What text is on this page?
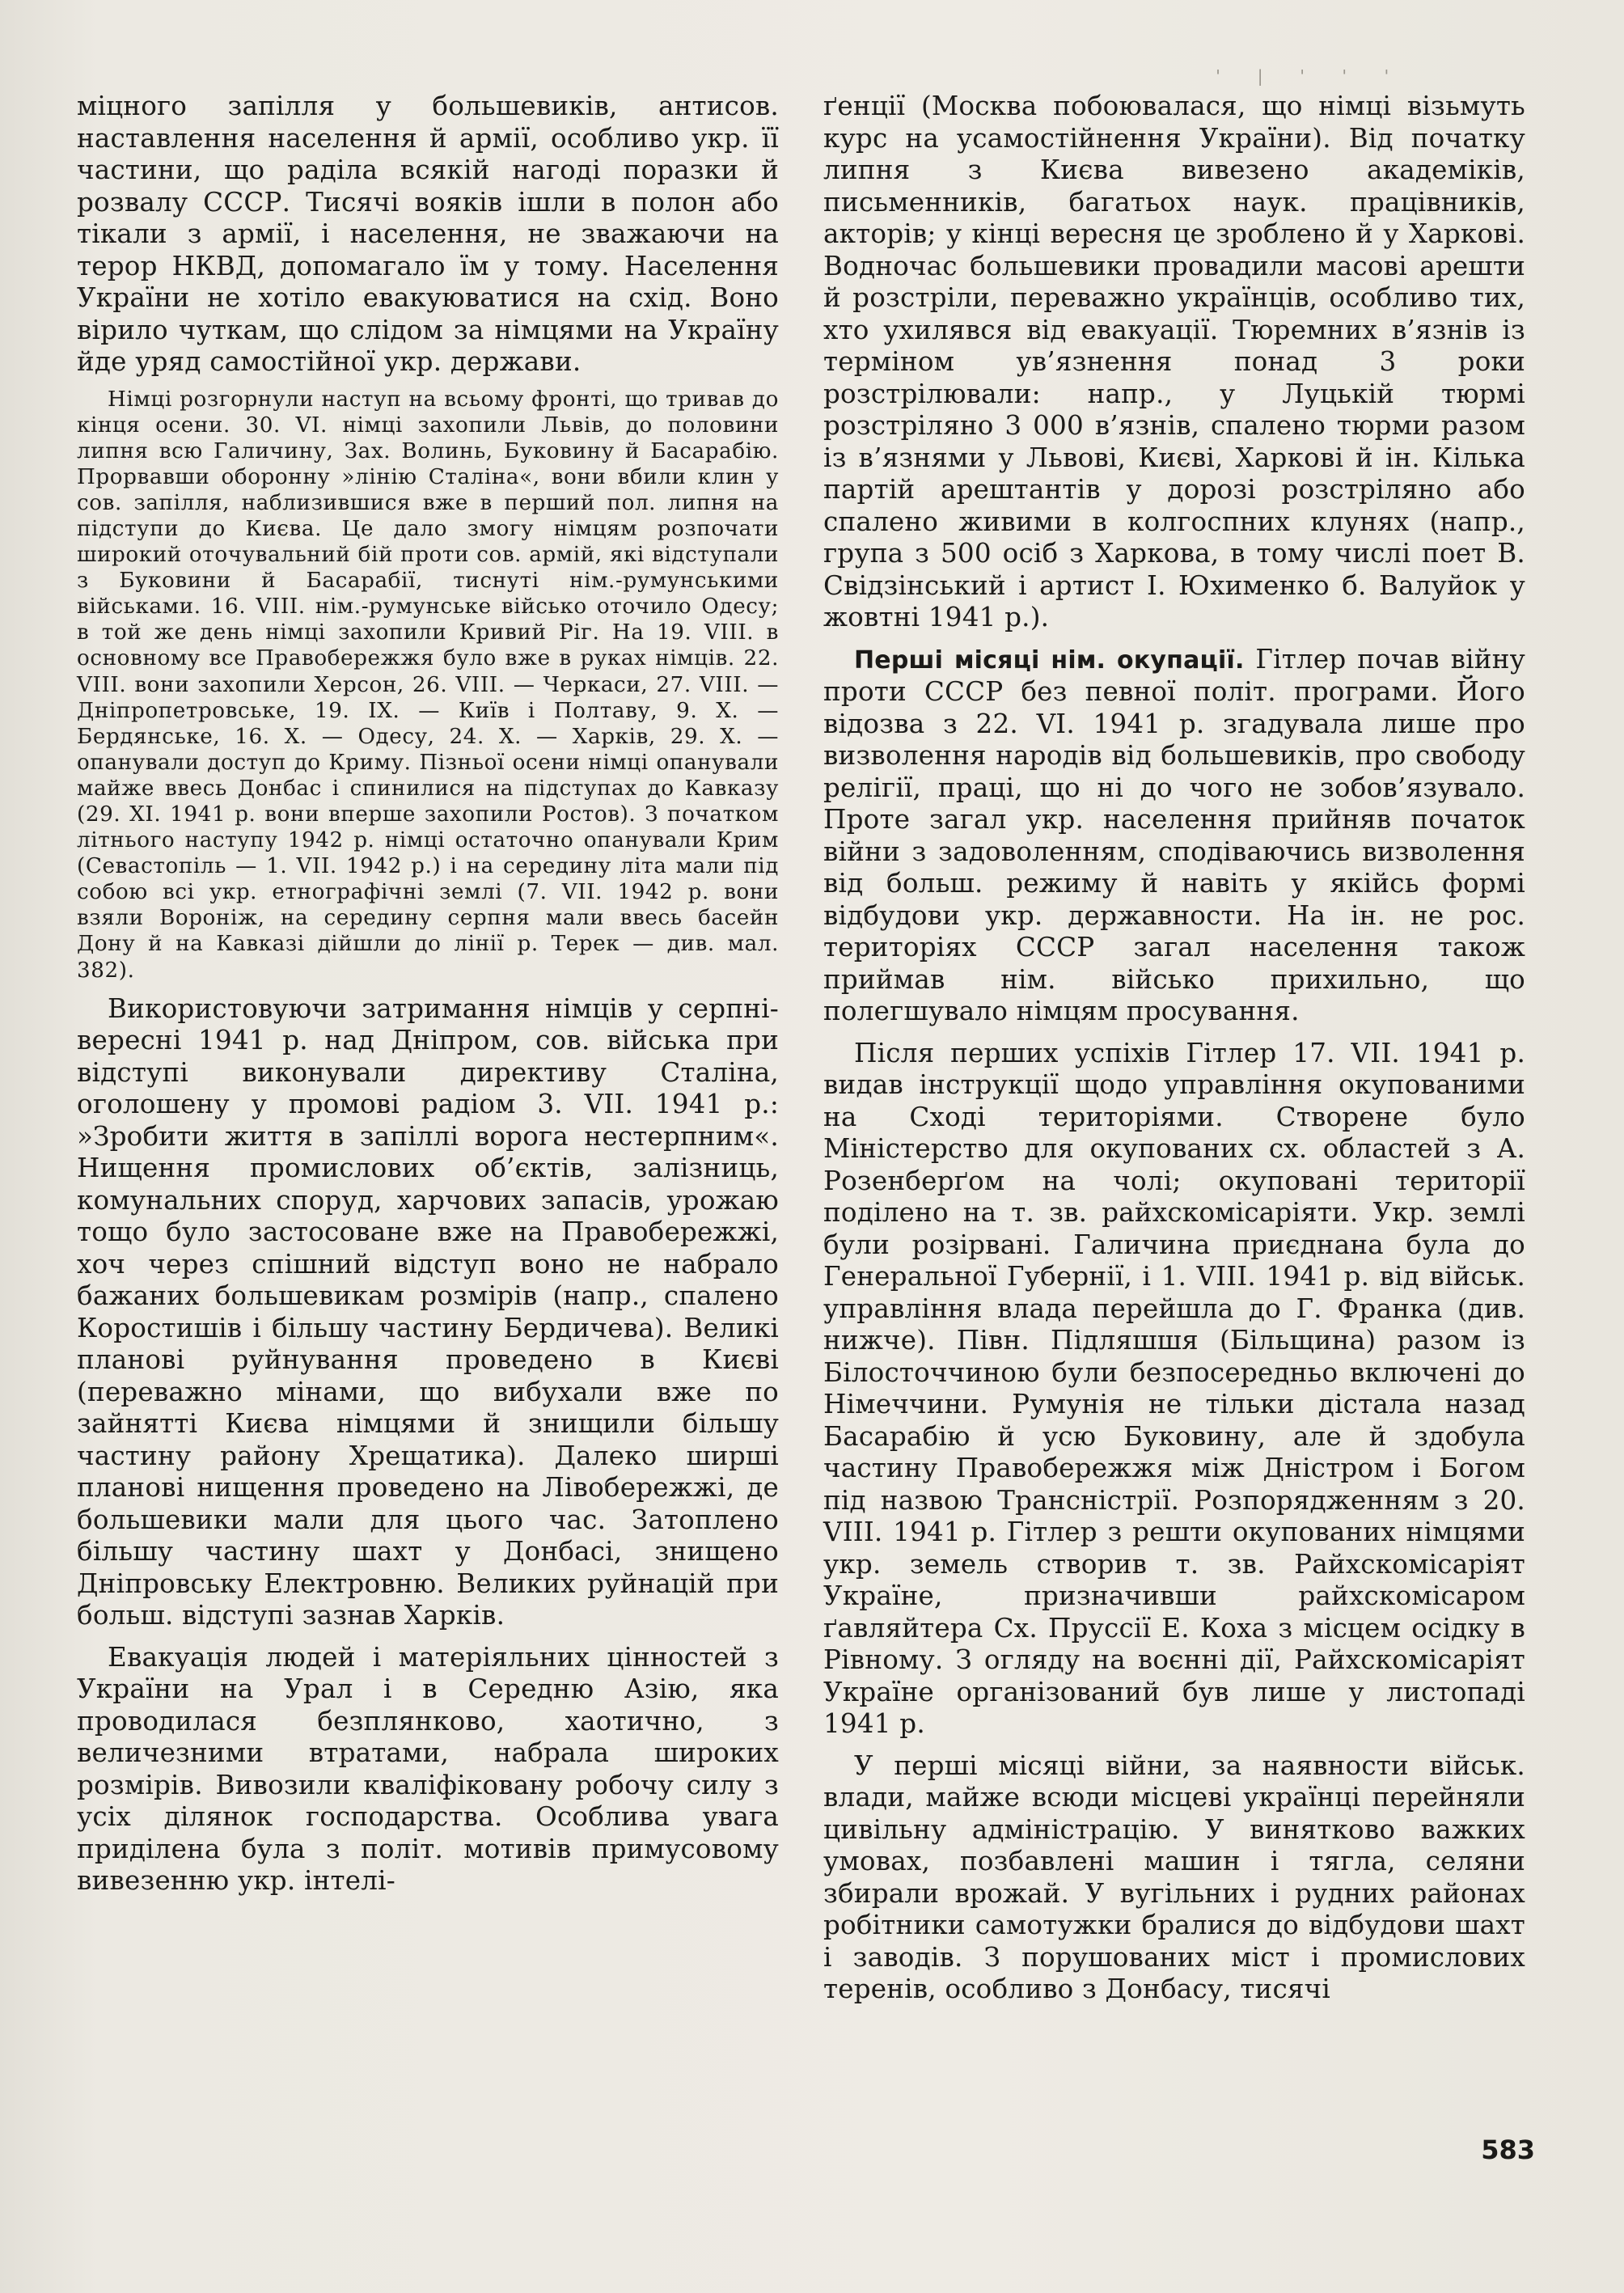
' | ' ' '

міцного запілля у большевиків, антисов. наставлення населення й армії, особливо укр. її частини, що раділа всякій нагоді поразки й розвалу СССР. Тисячі вояків ішли в полон або тікали з армії, і населення, не зважаючи на терор НКВД, допомагало їм у тому. Населення України не хотіло евакуюватися на схід. Воно вірило чуткам, що слідом за німцями на Україну йде уряд самостійної укр. держави.

Німці розгорнули наступ на всьому фронті, що тривав до кінця осени. 30. VI. німці захопили Львів, до половини липня всю Галичину, Зах. Волинь, Буковину й Басарабію. Прорвавши оборонну »лінію Сталіна«, вони вбили клин у сов. запілля, наблизившися вже в перший пол. липня на підступи до Києва. Це дало змогу німцям розпочати широкий оточувальний бій проти сов. армій, які відступали з Буковини й Басарабії, тиснуті нім.-румунськими військами. 16. VIII. нім.-румунське військо оточило Одесу; в той же день німці захопили Кривий Ріг. На 19. VIII. в основному все Правобережжя було вже в руках німців. 22. VIII. вони захопили Херсон, 26. VIII. — Черкаси, 27. VIII. — Дніпропетровське, 19. IX. — Київ і Полтаву, 9. X. — Бердянське, 16. X. — Одесу, 24. X. — Харків, 29. X. — опанували доступ до Криму. Пізньої осени німці опанували майже ввесь Донбас і спинилися на підступах до Кавказу (29. XI. 1941 р. вони вперше захопили Ростов). З початком літнього наступу 1942 р. німці остаточно опанували Крим (Севастопіль — 1. VII. 1942 р.) і на середину літа мали під собою всі укр. етнографічні землі (7. VII. 1942 р. вони взяли Вороніж, на середину серпня мали ввесь басейн Дону й на Кавказі дійшли до лінії р. Терек — див. мал. 382).

Використовуючи затримання німців у серпні-вересні 1941 р. над Дніпром, сов. війська при відступі виконували директиву Сталіна, оголошену у промові радіом 3. VII. 1941 р.: »Зробити життя в запіллі ворога нестерпним«. Нищення промислових об’єктів, залізниць, комунальних споруд, харчових запасів, урожаю тощо було застосоване вже на Правобережжі, хоч через спішний відступ воно не набрало бажаних большевикам розмірів (напр., спалено Коростишів і більшу частину Бердичева). Великі планові руйнування проведено в Києві (переважно мінами, що вибухали вже по зайнятті Києва німцями й знищили більшу частину району Хрещатика). Далеко ширші планові нищення проведено на Лівобережжі, де большевики мали для цього час. Затоплено більшу частину шахт у Донбасі, знищено Дніпровську Електровню. Великих руйнацій при больш. відступі зазнав Харків.

Евакуація людей і матеріяльних цінностей з України на Урал і в Середню Азію, яка проводилася безплянково, хаотично, з величезними втратами, набрала широких розмірів. Вивозили кваліфіковану робочу силу з усіх ділянок господарства. Особлива увага приділена була з політ. мотивів примусовому вивезенню укр. інтелі-

ґенції (Москва побоювалася, що німці візьмуть курс на усамостійнення України). Від початку липня з Києва вивезено академіків, письменників, багатьох наук. працівників, акторів; у кінці вересня це зроблено й у Харкові. Водночас большевики провадили масові арешти й розстріли, переважно українців, особливо тих, хто ухилявся від евакуації. Тюремних в’язнів із терміном ув’язнення понад 3 роки розстрілювали: напр., у Луцькій тюрмі розстріляно 3 000 в’язнів, спалено тюрми разом із в’язнями у Львові, Києві, Харкові й ін. Кілька партій арештантів у дорозі розстріляно або спалено живими в колгоспних клунях (напр., група з 500 осіб з Харкова, в тому числі поет В. Свідзінський і артист І. Юхименко б. Валуйок у жовтні 1941 р.).

Перші місяці нім. окупації. Гітлер почав війну проти СССР без певної політ. програми. Його відозва з 22. VI. 1941 р. згадувала лише про визволення народів від большевиків, про свободу релігії, праці, що ні до чого не зобов’язувало. Проте загал укр. населення прийняв початок війни з задоволенням, сподіваючись визволення від больш. режиму й навіть у якійсь формі відбудови укр. державности. На ін. не рос. територіях СССР загал населення також приймав нім. військо прихильно, що полегшувало німцям просування.

Після перших успіхів Гітлер 17. VII. 1941 р. видав інструкції щодо управління окупованими на Сході територіями. Створене було Міністерство для окупованих сх. областей з А. Розенберґом на чолі; окуповані території поділено на т. зв. райхскомісаріяти. Укр. землі були розірвані. Галичина приєднана була до Генеральної Губернії, і 1. VIII. 1941 р. від військ. управління влада перейшла до Г. Франка (див. нижче). Півн. Підляшшя (Більщина) разом із Білосточчиною були безпосередньо включені до Німеччини. Румунія не тільки дістала назад Басарабію й усю Буковину, але й здобула частину Правобережжя між Дністром і Богом під назвою Трансністрії. Розпорядженням з 20. VIII. 1941 р. Гітлер з решти окупованих німцями укр. земель створив т. зв. Райхскомісаріят Україне, призначивши райхскомісаром ґавляйтера Сх. Пруссії Е. Коха з місцем осідку в Рівному. З огляду на воєнні дії, Райхскомісаріят Україне організований був лише у листопаді 1941 р.

У перші місяці війни, за наявности військ. влади, майже всюди місцеві українці перейняли цивільну адміністрацію. У винятково важких умовах, позбавлені машин і тягла, селяни збирали врожай. У вугільних і рудних районах робітники самотужки бралися до відбудови шахт і заводів. З порушованих міст і промислових теренів, особливо з Донбасу, тисячі

583
